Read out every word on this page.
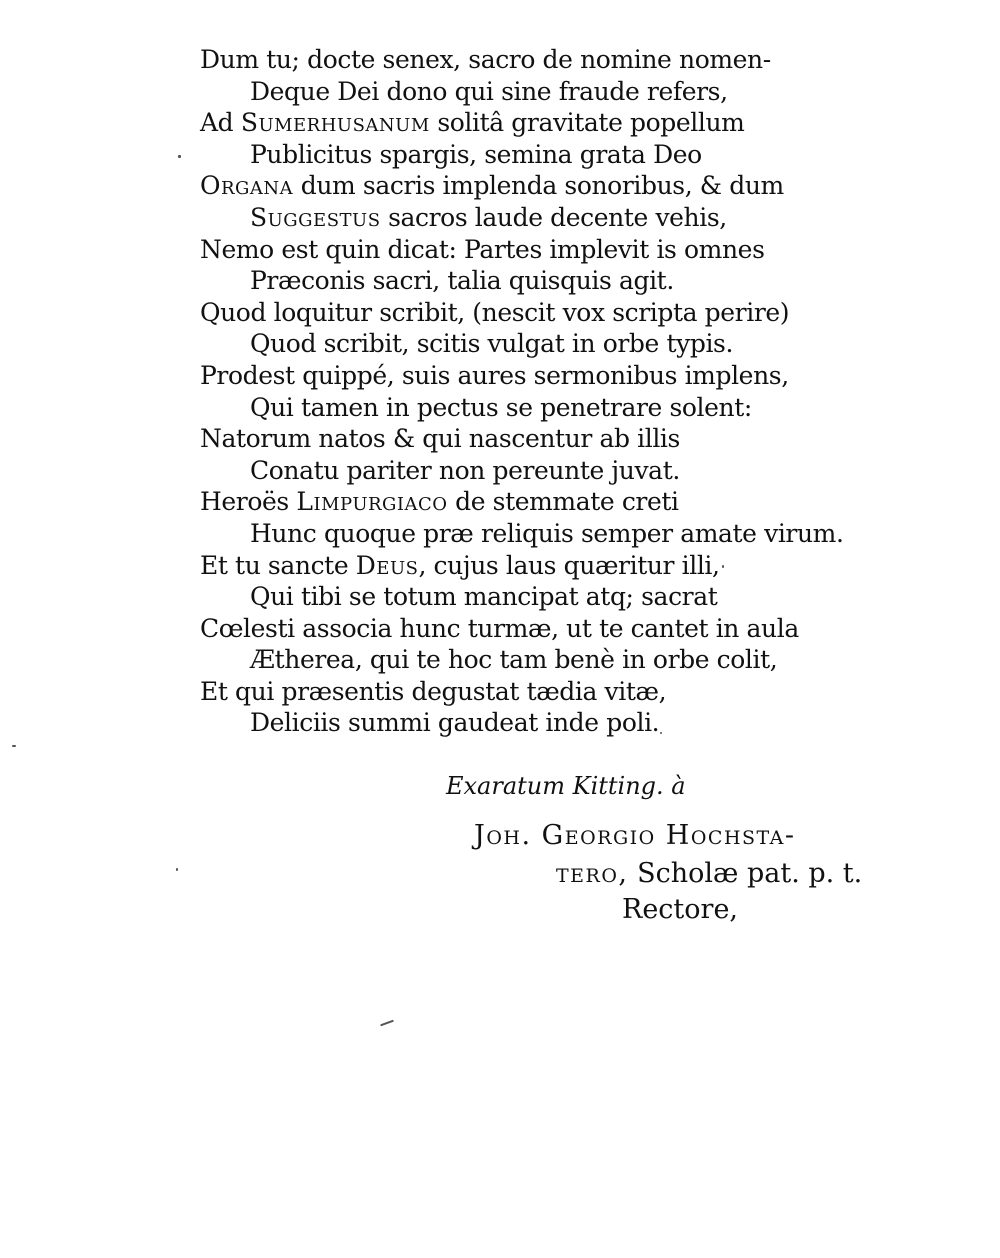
Dum tu; docte senex, sacro de nomine nomen-
Deque Dei dono qui sine fraude refers,
Ad Sumerhusanum solitâ gravitate popellum
Publicitus spargis, semina grata Deo
Organa dum sacris implenda sonoribus, & dum
Suggestus sacros laude decente vehis,
Nemo est quin dicat: Partes implevit is omnes
Præconis sacri, talia quisquis agit.
Quod loquitur scribit, (nescit vox scripta perire)
Quod scribit, scitis vulgat in orbe typis.
Prodest quippé, suis aures sermonibus implens,
Qui tamen in pectus se penetrare solent:
Natorum natos & qui nascentur ab illis
Conatu pariter non pereunte juvat.
Heroës Limpurgiaco de stemmate creti
Hunc quoque præ reliquis semper amate virum.
Et tu sancte Deus, cujus laus quæritur illi,
Qui tibi se totum mancipat atq; sacrat
Cœlesti associa hunc turmæ, ut te cantet in aula
Ætherea, qui te hoc tam benè in orbe colit,
Et qui præsentis degustat tædia vitæ,
Deliciis summi gaudeat inde poli.
Exaratum Kitting. à
Joh. Georgio Hochsta-
tero, Scholæ pat. p. t.
Rectore,
